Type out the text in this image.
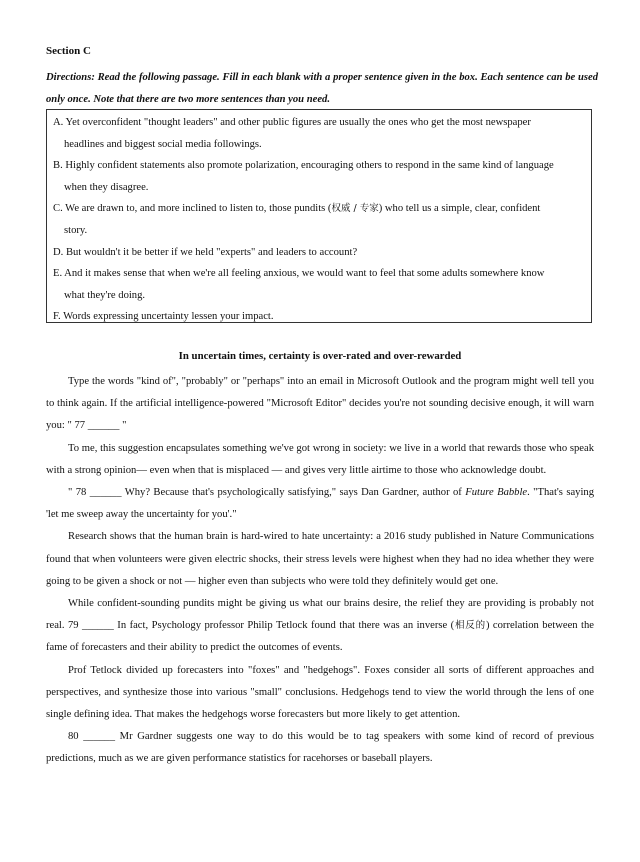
Section C
Directions: Read the following passage. Fill in each blank with a proper sentence given in the box. Each sentence can be used only once. Note that there are two more sentences than you need.
A. Yet overconfident "thought leaders" and other public figures are usually the ones who get the most newspaper
headlines and biggest social media followings.
B. Highly confident statements also promote polarization, encouraging others to respond in the same kind of language
when they disagree.
C. We are drawn to, and more inclined to listen to, those pundits (权威 / 专家) who tell us a simple, clear, confident
story.
D. But wouldn't it be better if we held "experts" and leaders to account?
E. And it makes sense that when we're all feeling anxious, we would want to feel that some adults somewhere know
what they're doing.
F. Words expressing uncertainty lessen your impact.
In uncertain times, certainty is over-rated and over-rewarded

Type the words "kind of", "probably" or "perhaps" into an email in Microsoft Outlook and the program might well tell you to think again. If the artificial intelligence-powered "Microsoft Editor" decides you're not sounding decisive enough, it will warn you: " 77 ______ "

To me, this suggestion encapsulates something we've got wrong in society: we live in a world that rewards those who speak with a strong opinion— even when that is misplaced — and gives very little airtime to those who acknowledge doubt.

" 78 ______ Why? Because that's psychologically satisfying," says Dan Gardner, author of Future Babble. "That's saying 'let me sweep away the uncertainty for you'."

Research shows that the human brain is hard-wired to hate uncertainty: a 2016 study published in Nature Communications found that when volunteers were given electric shocks, their stress levels were highest when they had no idea whether they were going to be given a shock or not — higher even than subjects who were told they definitely would get one.

While confident-sounding pundits might be giving us what our brains desire, the relief they are providing is probably not real. 79 ______ In fact, Psychology professor Philip Tetlock found that there was an inverse (相反的) correlation between the fame of forecasters and their ability to predict the outcomes of events.

Prof Tetlock divided up forecasters into "foxes" and "hedgehogs". Foxes consider all sorts of different approaches and perspectives, and synthesize those into various "small" conclusions. Hedgehogs tend to view the world through the lens of one single defining idea. That makes the hedgehogs worse forecasters but more likely to get attention.

80 ______ Mr Gardner suggests one way to do this would be to tag speakers with some kind of record of previous predictions, much as we are given performance statistics for racehorses or baseball players.
